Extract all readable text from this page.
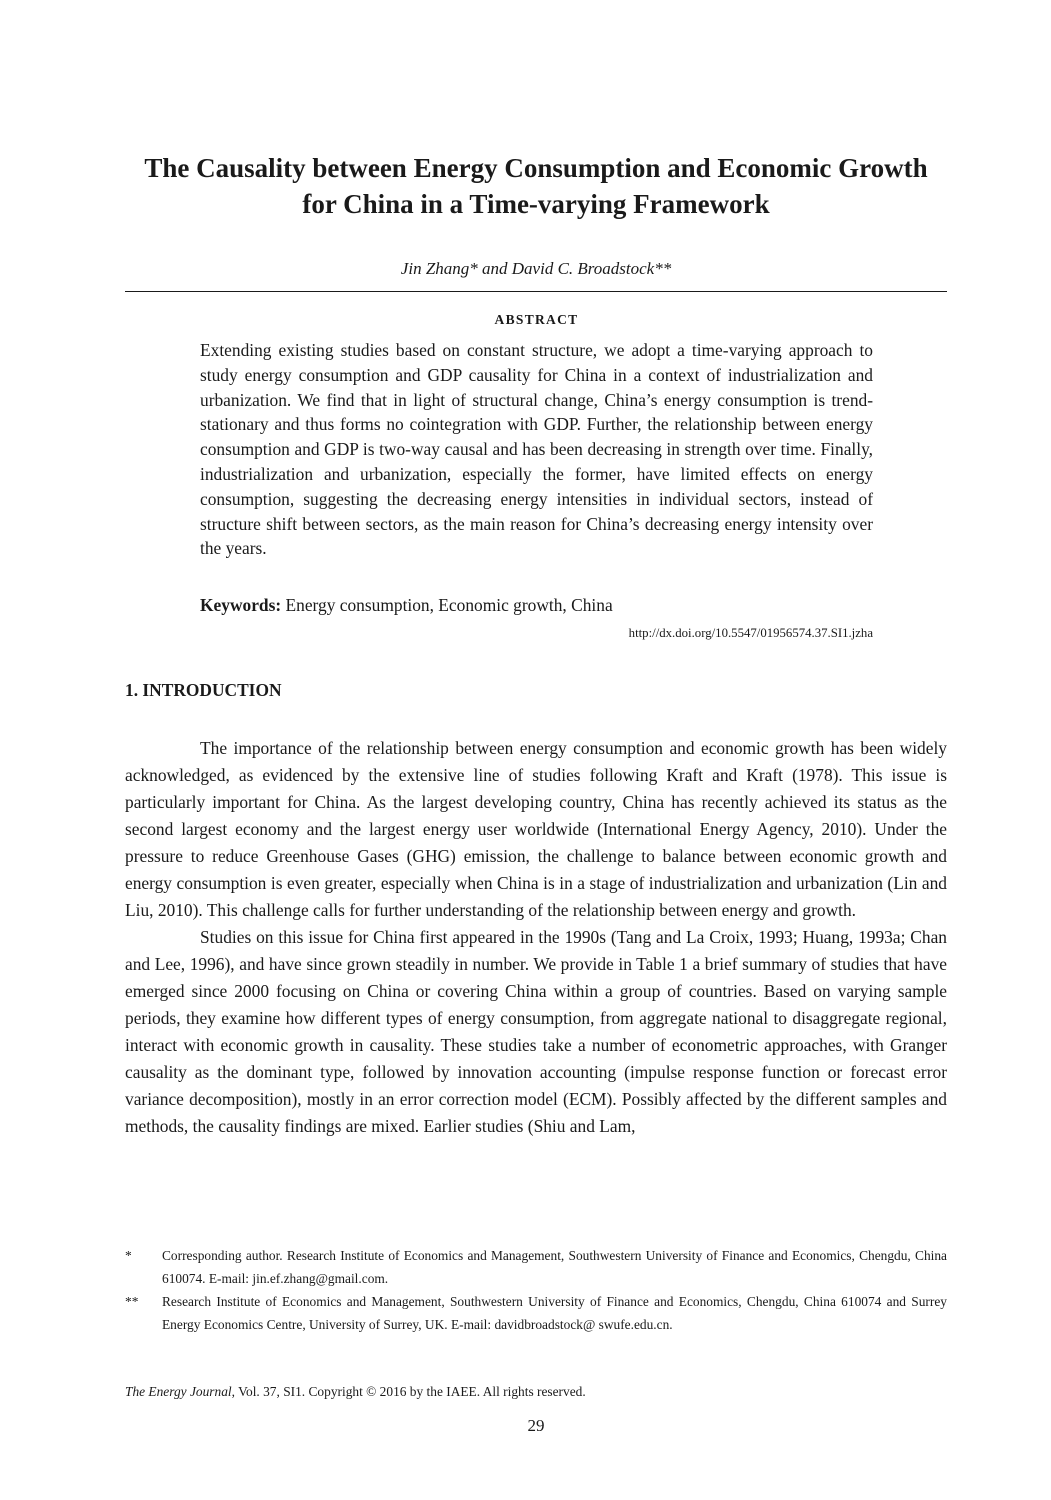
The Causality between Energy Consumption and Economic Growth for China in a Time-varying Framework
Jin Zhang* and David C. Broadstock**
ABSTRACT
Extending existing studies based on constant structure, we adopt a time-varying approach to study energy consumption and GDP causality for China in a context of industrialization and urbanization. We find that in light of structural change, China’s energy consumption is trend-stationary and thus forms no cointegration with GDP. Further, the relationship between energy consumption and GDP is two-way causal and has been decreasing in strength over time. Finally, industrialization and urbanization, especially the former, have limited effects on energy consumption, suggesting the decreasing energy intensities in individual sectors, instead of structure shift between sectors, as the main reason for China’s decreasing energy intensity over the years.
Keywords: Energy consumption, Economic growth, China
http://dx.doi.org/10.5547/01956574.37.SI1.jzha
1. INTRODUCTION

The importance of the relationship between energy consumption and economic growth has been widely acknowledged, as evidenced by the extensive line of studies following Kraft and Kraft (1978). This issue is particularly important for China. As the largest developing country, China has recently achieved its status as the second largest economy and the largest energy user worldwide (International Energy Agency, 2010). Under the pressure to reduce Greenhouse Gases (GHG) emission, the challenge to balance between economic growth and energy consumption is even greater, especially when China is in a stage of industrialization and urbanization (Lin and Liu, 2010). This challenge calls for further understanding of the relationship between energy and growth.

Studies on this issue for China first appeared in the 1990s (Tang and La Croix, 1993; Huang, 1993a; Chan and Lee, 1996), and have since grown steadily in number. We provide in Table 1 a brief summary of studies that have emerged since 2000 focusing on China or covering China within a group of countries. Based on varying sample periods, they examine how different types of energy consumption, from aggregate national to disaggregate regional, interact with economic growth in causality. These studies take a number of econometric approaches, with Granger causality as the dominant type, followed by innovation accounting (impulse response function or forecast error variance decomposition), mostly in an error correction model (ECM). Possibly affected by the different samples and methods, the causality findings are mixed. Earlier studies (Shiu and Lam,

*	Corresponding author. Research Institute of Economics and Management, Southwestern University of Finance and Economics, Chengdu, China 610074. E-mail: jin.ef.zhang@gmail.com.
**	Research Institute of Economics and Management, Southwestern University of Finance and Economics, Chengdu, China 610074 and Surrey Energy Economics Centre, University of Surrey, UK. E-mail: davidbroadstock@ swufe.edu.cn.
The Energy Journal, Vol. 37, SI1. Copyright © 2016 by the IAEE. All rights reserved.
29
